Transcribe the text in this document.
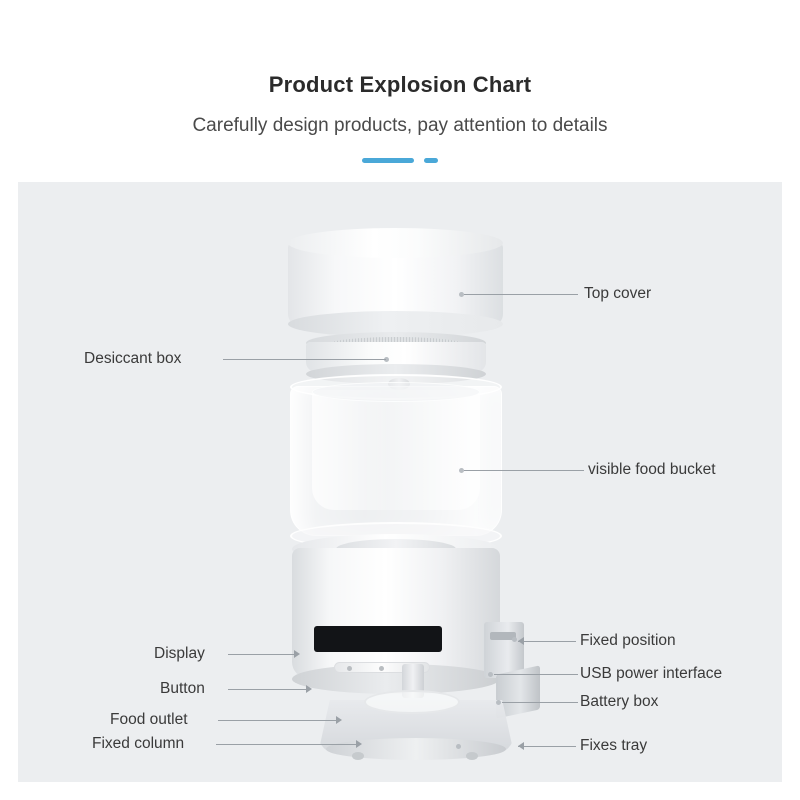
Product Explosion Chart
Carefully design products, pay attention to details

Top cover
Desiccant box
visible food bucket
Fixed position
Display
USB power interface
Button
Battery box
Food outlet
Fixed column	Fixes tray
